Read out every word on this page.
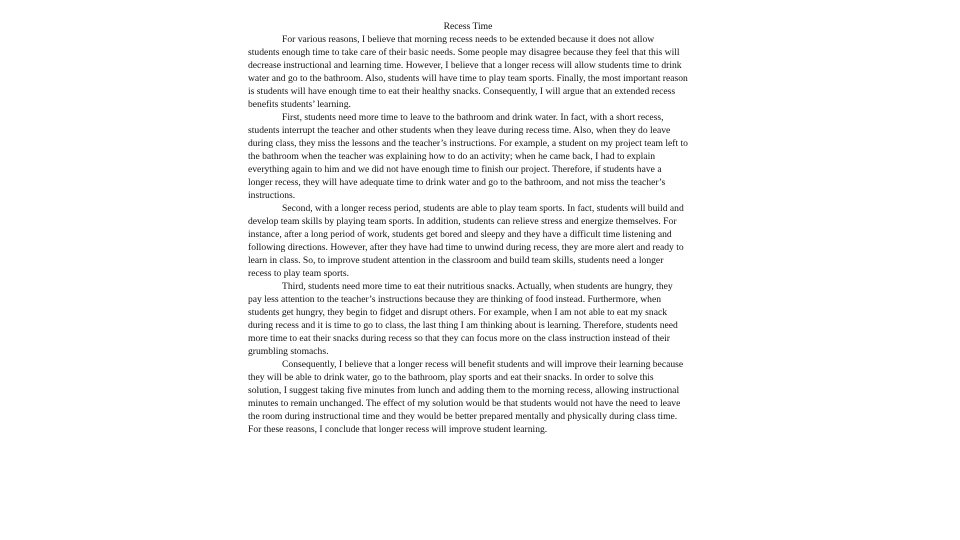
Recess Time

For various reasons, I believe that morning recess needs to be extended because it does not allow students enough time to take care of their basic needs. Some people may disagree because they feel that this will decrease instructional and learning time. However, I believe that a longer recess will allow students time to drink water and go to the bathroom. Also, students will have time to play team sports. Finally, the most important reason is students will have enough time to eat their healthy snacks. Consequently, I will argue that an extended recess benefits students’ learning.

First, students need more time to leave to the bathroom and drink water. In fact, with a short recess, students interrupt the teacher and other students when they leave during recess time. Also, when they do leave during class, they miss the lessons and the teacher’s instructions. For example, a student on my project team left to the bathroom when the teacher was explaining how to do an activity; when he came back, I had to explain everything again to him and we did not have enough time to finish our project. Therefore, if students have a longer recess, they will have adequate time to drink water and go to the bathroom, and not miss the teacher’s instructions.

Second, with a longer recess period, students are able to play team sports. In fact, students will build and develop team skills by playing team sports. In addition, students can relieve stress and energize themselves. For instance, after a long period of work, students get bored and sleepy and they have a difficult time listening and following directions. However, after they have had time to unwind during recess, they are more alert and ready to learn in class. So, to improve student attention in the classroom and build team skills, students need a longer recess to play team sports.

Third, students need more time to eat their nutritious snacks. Actually, when students are hungry, they pay less attention to the teacher’s instructions because they are thinking of food instead. Furthermore, when students get hungry, they begin to fidget and disrupt others. For example, when I am not able to eat my snack during recess and it is time to go to class, the last thing I am thinking about is learning. Therefore, students need more time to eat their snacks during recess so that they can focus more on the class instruction instead of their grumbling stomachs.

Consequently, I believe that a longer recess will benefit students and will improve their learning because they will be able to drink water, go to the bathroom, play sports and eat their snacks. In order to solve this solution, I suggest taking five minutes from lunch and adding them to the morning recess, allowing instructional minutes to remain unchanged. The effect of my solution would be that students would not have the need to leave the room during instructional time and they would be better prepared mentally and physically during class time. For these reasons, I conclude that longer recess will improve student learning.
